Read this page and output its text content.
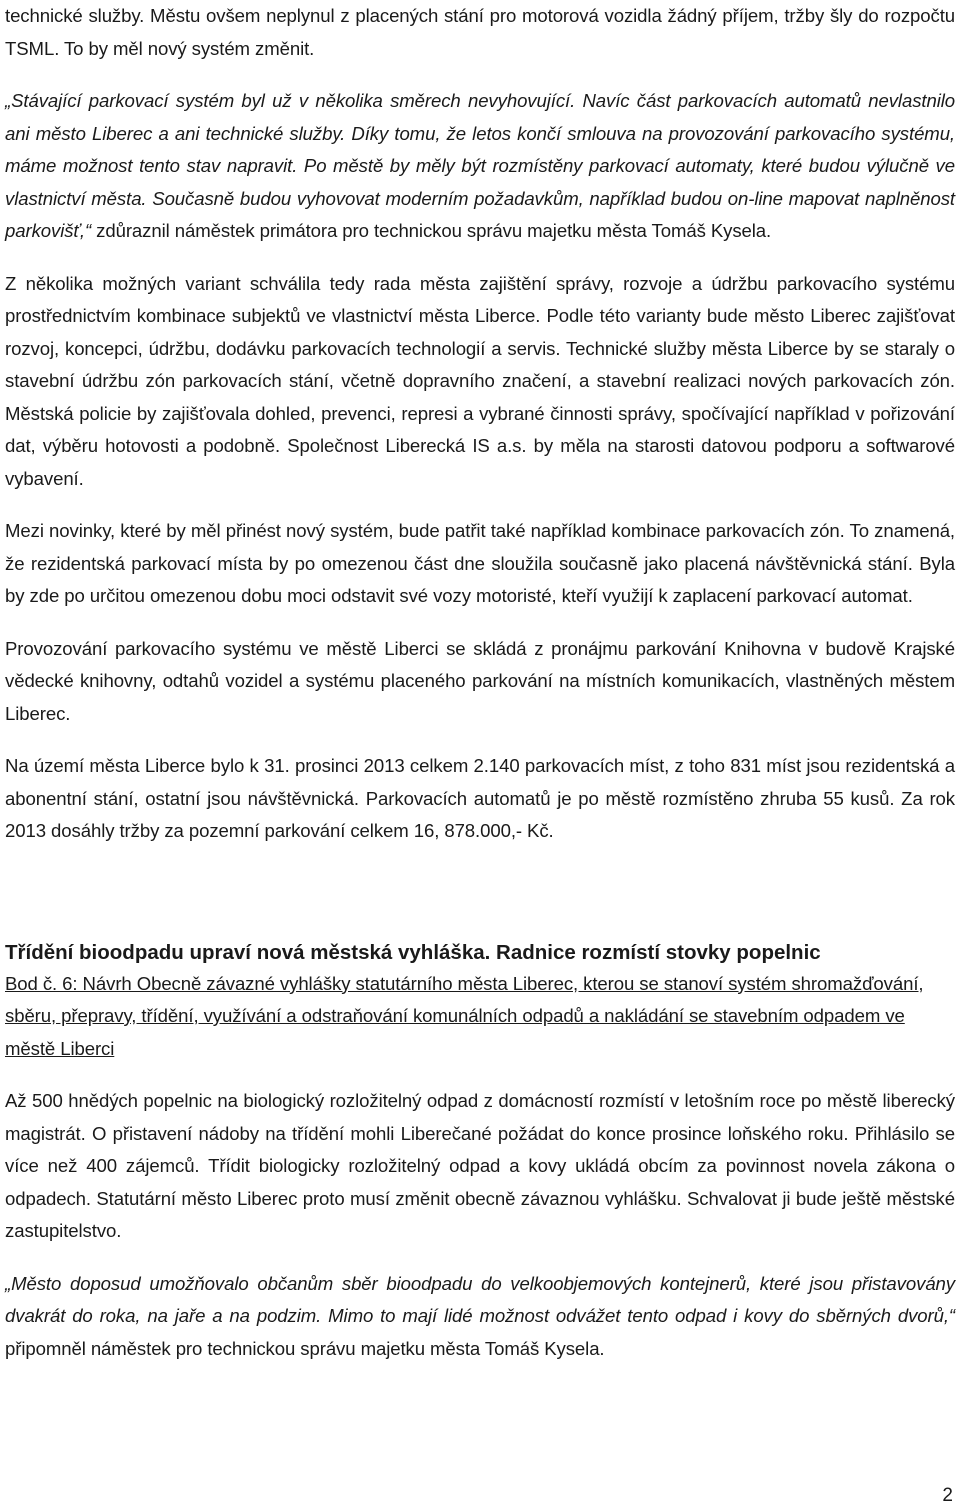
technické služby. Městu ovšem neplynul z placených stání pro motorová vozidla žádný příjem, tržby šly do rozpočtu TSML. To by měl nový systém změnit.

„Stávající parkovací systém byl už v několika směrech nevyhovující. Navíc část parkovacích automatů nevlastnilo ani město Liberec a ani technické služby. Díky tomu, že letos končí smlouva na provozování parkovacího systému, máme možnost tento stav napravit. Po městě by měly být rozmístěny parkovací automaty, které budou výlučně ve vlastnictví města. Současně budou vyhovovat moderním požadavkům, například budou on-line mapovat naplněnost parkovišť,“ zdůraznil náměstek primátora pro technickou správu majetku města Tomáš Kysela.

Z několika možných variant schválila tedy rada města zajištění správy, rozvoje a údržbu parkovacího systému prostřednictvím kombinace subjektů ve vlastnictví města Liberce. Podle této varianty bude město Liberec zajišťovat rozvoj, koncepci, údržbu, dodávku parkovacích technologií a servis. Technické služby města Liberce by se staraly o stavební údržbu zón parkovacích stání, včetně dopravního značení, a stavební realizaci nových parkovacích zón. Městská policie by zajišťovala dohled, prevenci, represi a vybrané činnosti správy, spočívající například v pořizování dat, výběru hotovosti a podobně. Společnost Liberecká IS a.s. by měla na starosti datovou podporu a softwarové vybavení.

Mezi novinky, které by měl přinést nový systém, bude patřit také například kombinace parkovacích zón. To znamená, že rezidentská parkovací místa by po omezenou část dne sloužila současně jako placená návštěvnická stání. Byla by zde po určitou omezenou dobu moci odstavit své vozy motoristé, kteří využijí k zaplacení parkovací automat.

Provozování parkovacího systému ve městě Liberci se skládá z pronájmu parkování Knihovna v budově Krajské vědecké knihovny, odtahů vozidel a systému placeného parkování na místních komunikacích, vlastněných městem Liberec.

Na území města Liberce bylo k 31. prosinci 2013 celkem 2.140 parkovacích míst, z toho 831 míst jsou rezidentská a abonentní stání, ostatní jsou návštěvnická. Parkovacích automatů je po městě rozmístěno zhruba 55 kusů. Za rok 2013 dosáhly tržby za pozemní parkování celkem 16, 878.000,- Kč.

Třídění bioodpadu upraví nová městská vyhláška. Radnice rozmístí stovky popelnic

Bod č. 6: Návrh Obecně závazné vyhlášky statutárního města Liberec, kterou se stanoví systém shromažďování, sběru, přepravy, třídění, využívání a odstraňování komunálních odpadů a nakládání se stavebním odpadem ve městě Liberci

Až 500 hnědých popelnic na biologický rozložitelný odpad z domácností rozmístí v letošním roce po městě liberecký magistrát. O přistavení nádoby na třídění mohli Liberečané požádat do konce prosince loňského roku. Přihlásilo se více než 400 zájemců. Třídit biologicky rozložitelný odpad a kovy ukládá obcím za povinnost novela zákona o odpadech. Statutární město Liberec proto musí změnit obecně závaznou vyhlášku. Schvalovat ji bude ještě městské zastupitelstvo.

„Město doposud umožňovalo občanům sběr bioodpadu do velkoobjemových kontejnerů, které jsou přistavovány dvakrát do roka, na jaře a na podzim. Mimo to mají lidé možnost odvážet tento odpad i kovy do sběrných dvorů,“ připomněl náměstek pro technickou správu majetku města Tomáš Kysela.

2
